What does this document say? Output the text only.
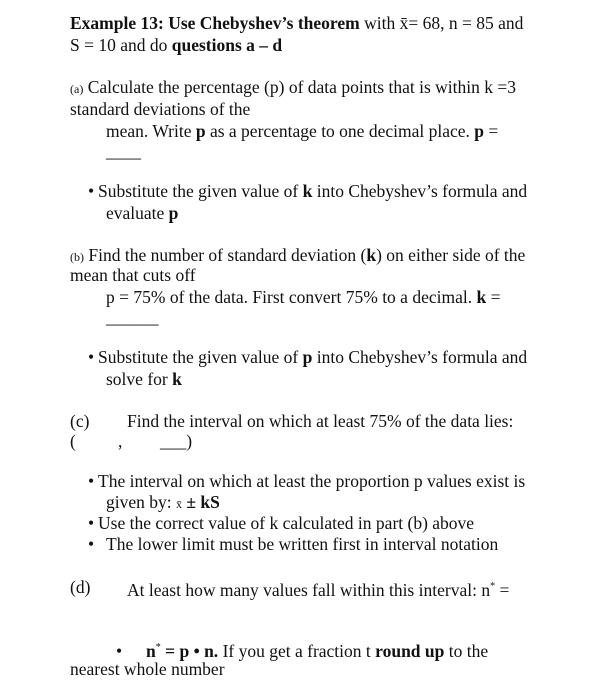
Example 13: Use Chebyshev’s theorem with x̄= 68, n = 85 and
S = 10 and do questions a – d
(a) Calculate the percentage (p) of data points that is within k =3
standard deviations of the
mean. Write p as a percentage to one decimal place. p =
____
• Substitute the given value of k into Chebyshev’s formula and
evaluate p
(b) Find the number of standard deviation (k) on either side of the
mean that cuts off
p = 75% of the data. First convert 75% to a decimal. k =
______
• Substitute the given value of p into Chebyshev’s formula and
solve for k
(c) Find the interval on which at least 75% of the data lies:
( , ___)
• The interval on which at least the proportion p values exist is
given by: x̄ ± kS
• Use the correct value of k calculated in part (b) above
• The lower limit must be written first in interval notation
(d) At least how many values fall within this interval: n* =
• n* = p • n. If you get a fraction t round up to the
nearest whole number
